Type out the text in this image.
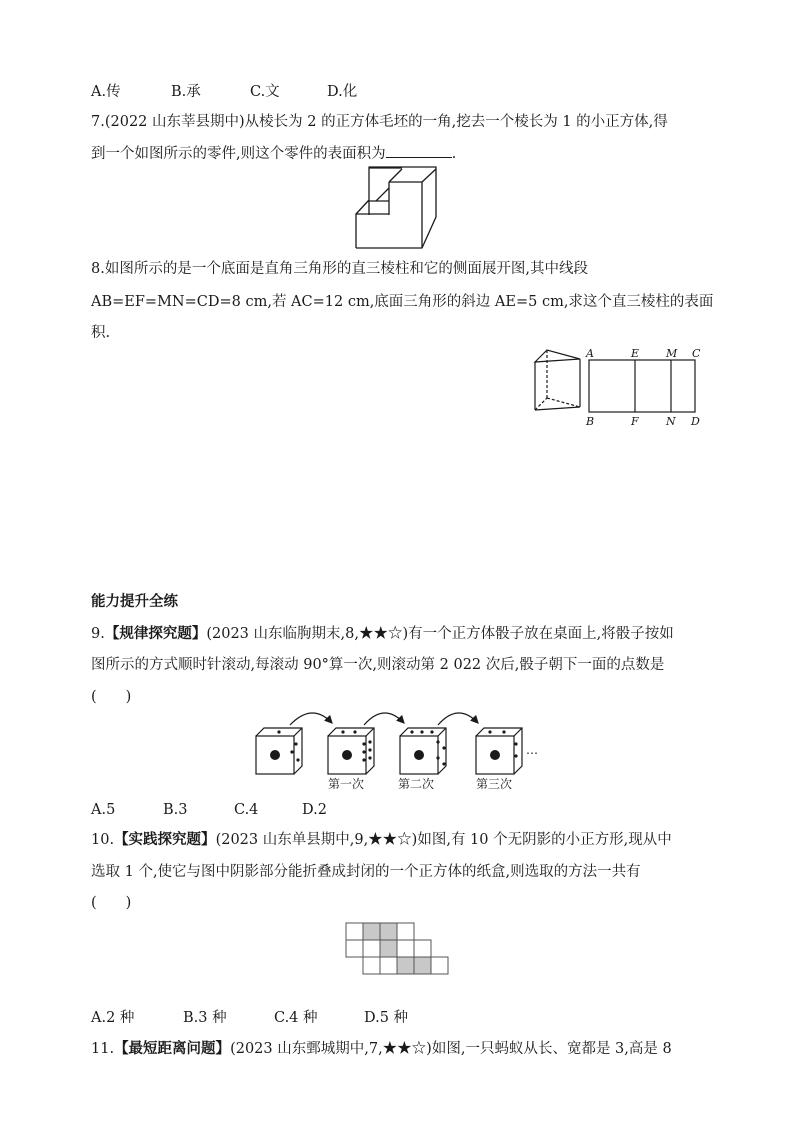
A.传	B.承	C.文	D.化
7.(2022 山东莘县期中)从棱长为 2 的正方体毛坯的一角,挖去一个棱长为 1 的小正方体,得
到一个如图所示的零件,则这个零件的表面积为	.
8.如图所示的是一个底面是直角三角形的直三棱柱和它的侧面展开图,其中线段
AB=EF=MN=CD=8 cm,若 AC=12 cm,底面三角形的斜边 AE=5 cm,求这个直三棱柱的表面
积.
A	E M C
B	F N D
能力提升全练
9.【规律探究题】(2023 山东临朐期末,8,★★☆)有一个正方体骰子放在桌面上,将骰子按如
图所示的方式顺时针滚动,每滚动 90°算一次,则滚动第 2 022 次后,骰子朝下一面的点数是
(　　)
第一次	第二次	第三次
…
A.5	B.3	C.4	D.2
10.【实践探究题】(2023 山东单县期中,9,★★☆)如图,有 10 个无阴影的小正方形,现从中
选取 1 个,使它与图中阴影部分能折叠成封闭的一个正方体的纸盒,则选取的方法一共有
(　　)
A.2 种	B.3 种	C.4 种	D.5 种
11.【最短距离问题】(2023 山东鄄城期中,7,★★☆)如图,一只蚂蚁从长、宽都是 3,高是 8
